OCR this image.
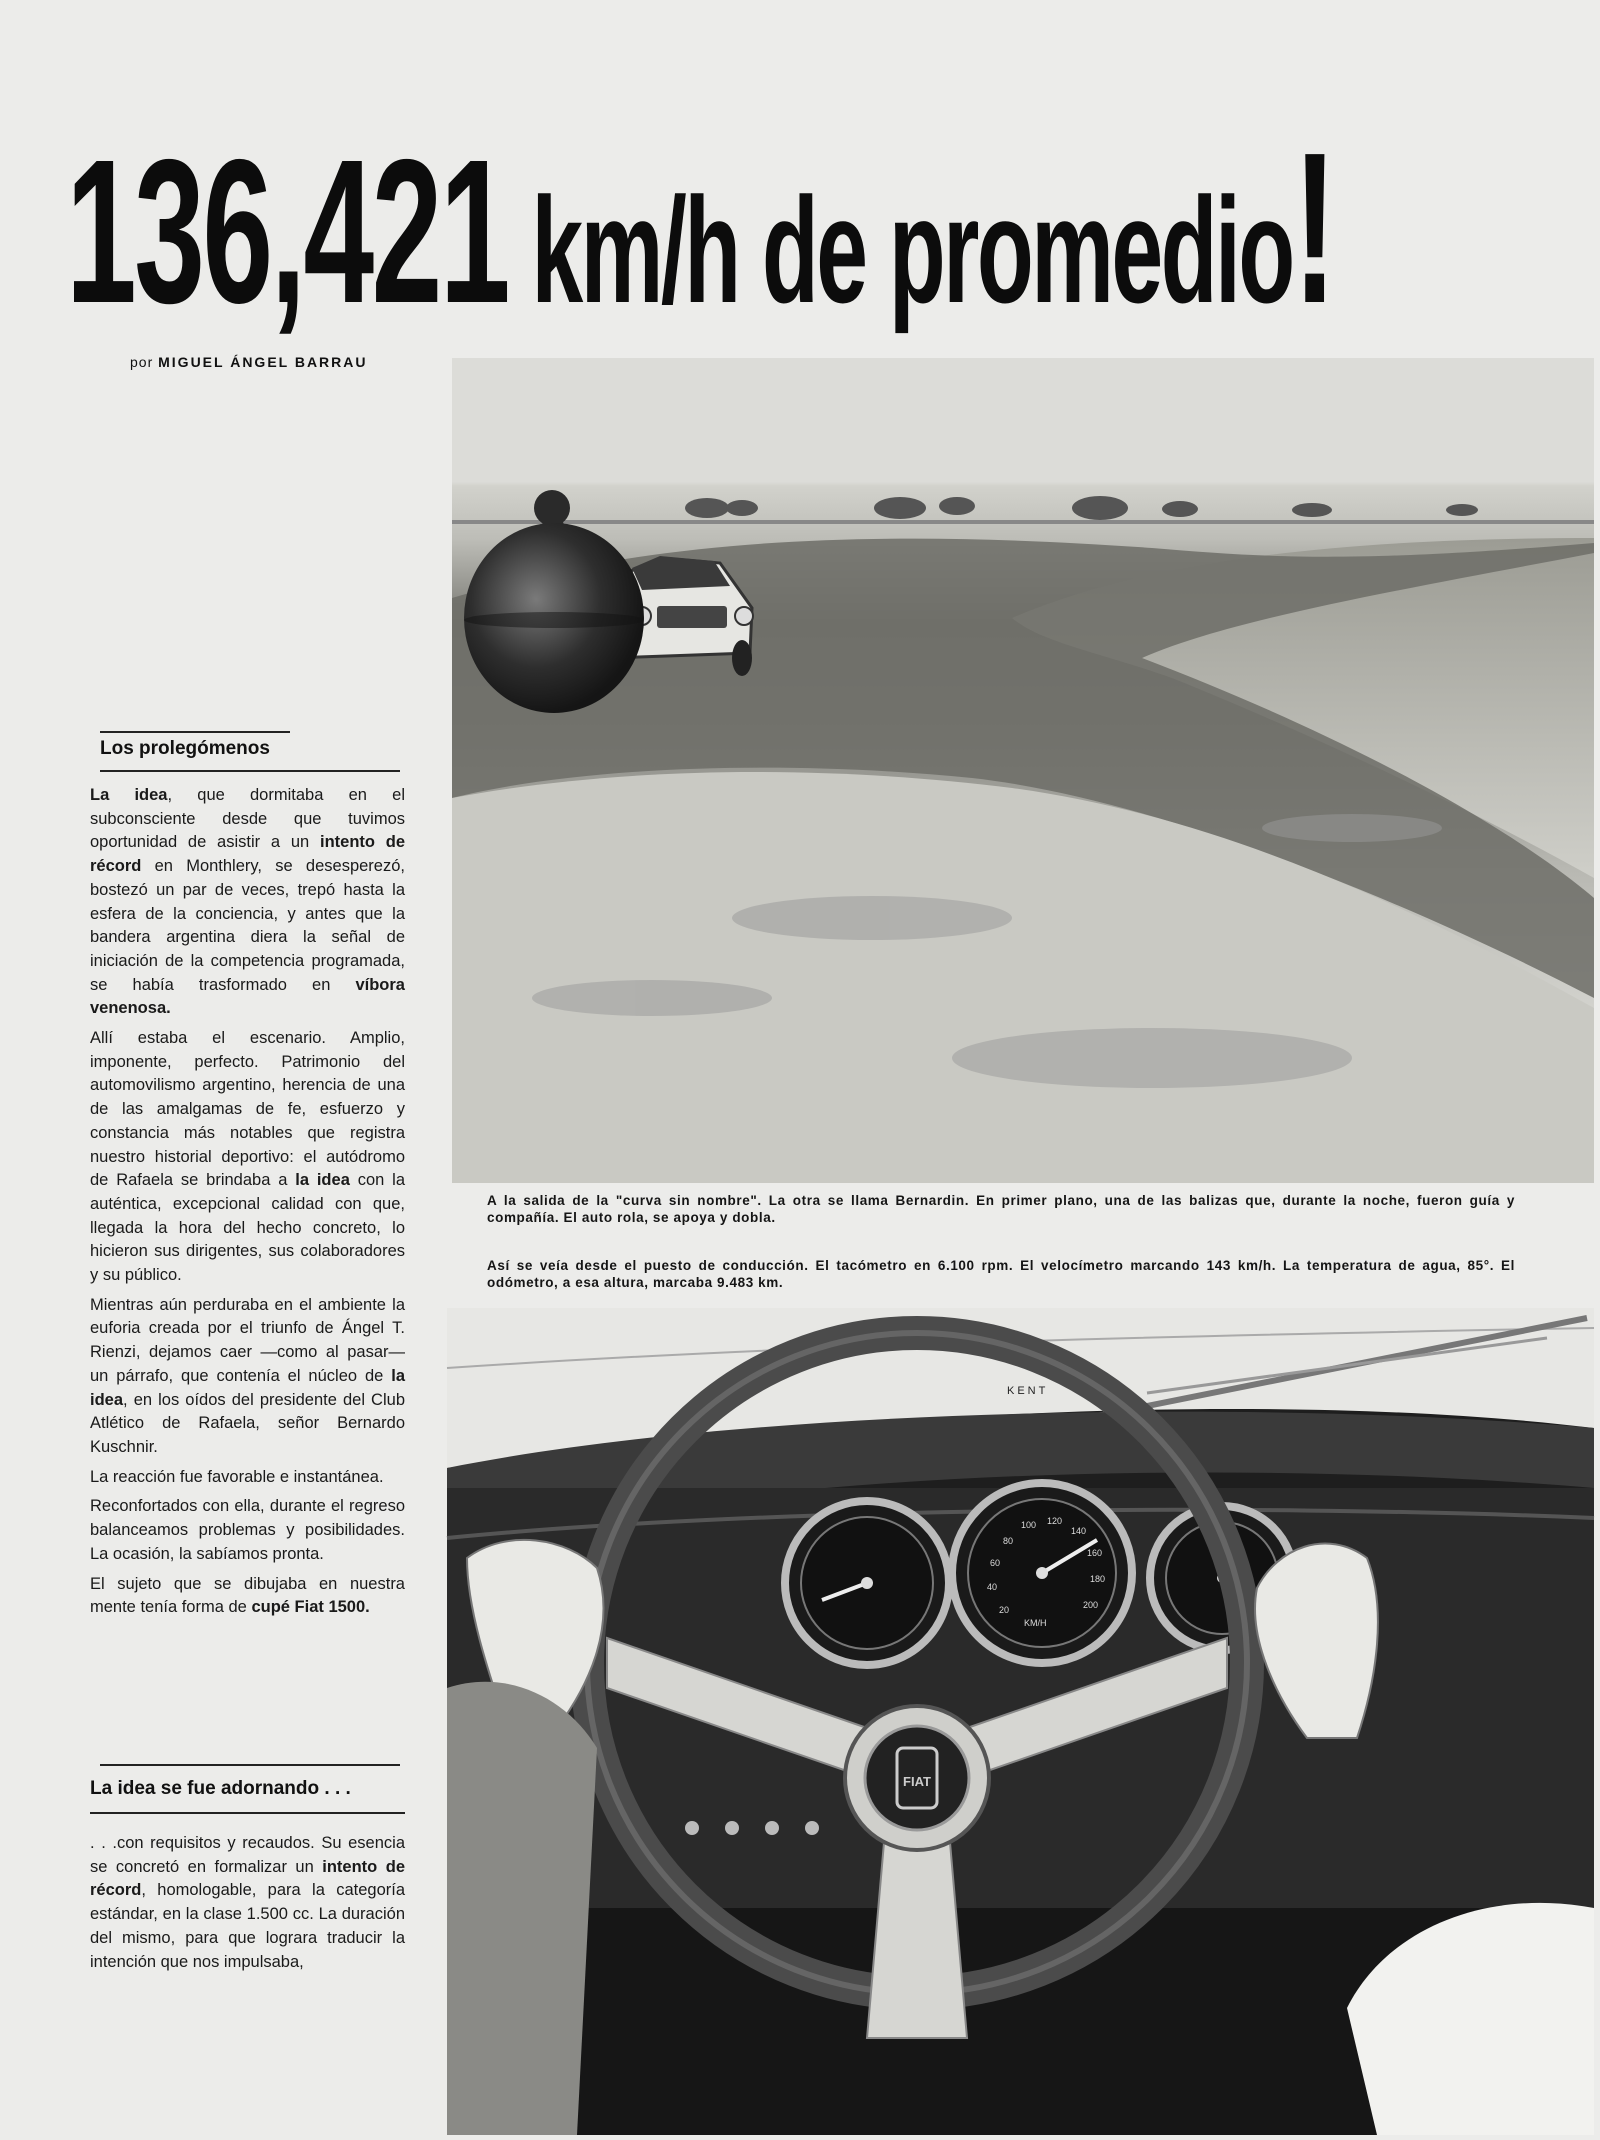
136,421 km/h de promedio!
por MIGUEL ÁNGEL BARRAU
Los prolegómenos

La idea, que dormitaba en el subconsciente desde que tuvimos oportunidad de asistir a un intento de récord en Monthlery, se desesperezó, bostezó un par de veces, trepó hasta la esfera de la conciencia, y antes que la bandera argentina diera la señal de iniciación de la competencia programada, se había trasformado en víbora venenosa.

Allí estaba el escenario. Amplio, imponente, perfecto. Patrimonio del automovilismo argentino, herencia de una de las amalgamas de fe, esfuerzo y constancia más notables que registra nuestro historial deportivo: el autódromo de Rafaela se brindaba a la idea con la auténtica, excepcional calidad con que, llegada la hora del hecho concreto, lo hicieron sus dirigentes, sus colaboradores y su público.

Mientras aún perduraba en el ambiente la euforia creada por el triunfo de Ángel T. Rienzi, dejamos caer —como al pasar— un párrafo, que contenía el núcleo de la idea, en los oídos del presidente del Club Atlético de Rafaela, señor Bernardo Kuschnir.

La reacción fue favorable e instantánea.

Reconfortados con ella, durante el regreso balanceamos problemas y posibilidades. La ocasión, la sabíamos pronta.

El sujeto que se dibujaba en nuestra mente tenía forma de cupé Fiat 1500.

La idea se fue adornando . . .

. . .con requisitos y recaudos. Su esencia se concretó en formalizar un intento de récord, homologable, para la categoría estándar, en la clase 1.500 cc. La duración del mismo, para que lograra traducir la intención que nos impulsaba,

A la salida de la "curva sin nombre". La otra se llama Bernardin. En primer plano, una de las balizas que, durante la noche, fueron guía y compañía. El auto rola, se apoya y dobla.

Así se veía desde el puesto de conducción. El tacómetro en 6.100 rpm. El velocímetro marcando 143 km/h. La temperatura de agua, 85°. El odómetro, a esa altura, marcaba 9.483 km.

KENT
20
40
60
80
100 120
140
160
180
200
KM/H
FIAT
